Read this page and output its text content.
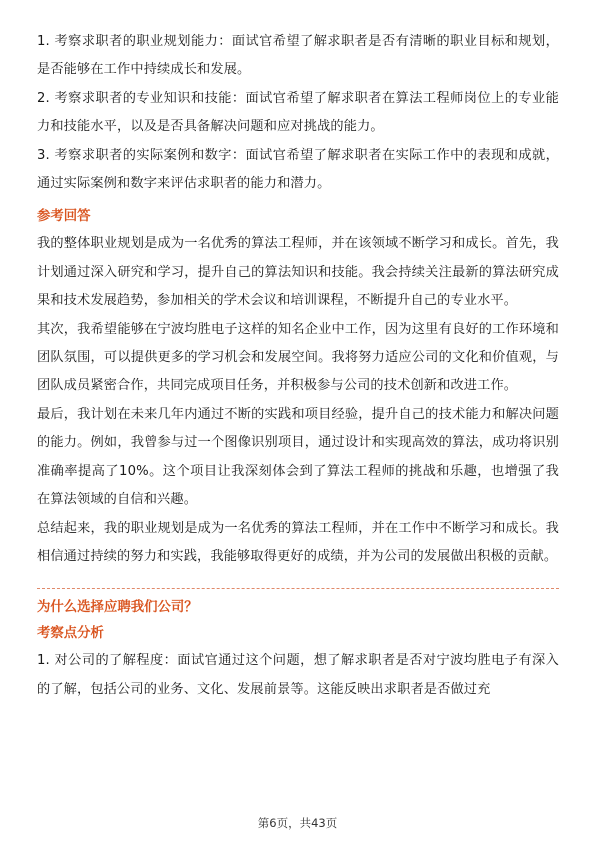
1. 考察求职者的职业规划能力：面试官希望了解求职者是否有清晰的职业目标和规划，是否能够在工作中持续成长和发展。

2. 考察求职者的专业知识和技能：面试官希望了解求职者在算法工程师岗位上的专业能力和技能水平，以及是否具备解决问题和应对挑战的能力。

3. 考察求职者的实际案例和数字：面试官希望了解求职者在实际工作中的表现和成就，通过实际案例和数字来评估求职者的能力和潜力。

参考回答

我的整体职业规划是成为一名优秀的算法工程师，并在该领域不断学习和成长。首先，我计划通过深入研究和学习，提升自己的算法知识和技能。我会持续关注最新的算法研究成果和技术发展趋势，参加相关的学术会议和培训课程，不断提升自己的专业水平。

其次，我希望能够在宁波均胜电子这样的知名企业中工作，因为这里有良好的工作环境和团队氛围，可以提供更多的学习机会和发展空间。我将努力适应公司的文化和价值观，与团队成员紧密合作，共同完成项目任务，并积极参与公司的技术创新和改进工作。

最后，我计划在未来几年内通过不断的实践和项目经验，提升自己的技术能力和解决问题的能力。例如，我曾参与过一个图像识别项目，通过设计和实现高效的算法，成功将识别准确率提高了10%。这个项目让我深刻体会到了算法工程师的挑战和乐趣，也增强了我在算法领域的自信和兴趣。

总结起来，我的职业规划是成为一名优秀的算法工程师，并在工作中不断学习和成长。我相信通过持续的努力和实践，我能够取得更好的成绩，并为公司的发展做出积极的贡献。

为什么选择应聘我们公司？
考察点分析

1. 对公司的了解程度：面试官通过这个问题，想了解求职者是否对宁波均胜电子有深入的了解，包括公司的业务、文化、发展前景等。这能反映出求职者是否做过充

第6页，共43页
